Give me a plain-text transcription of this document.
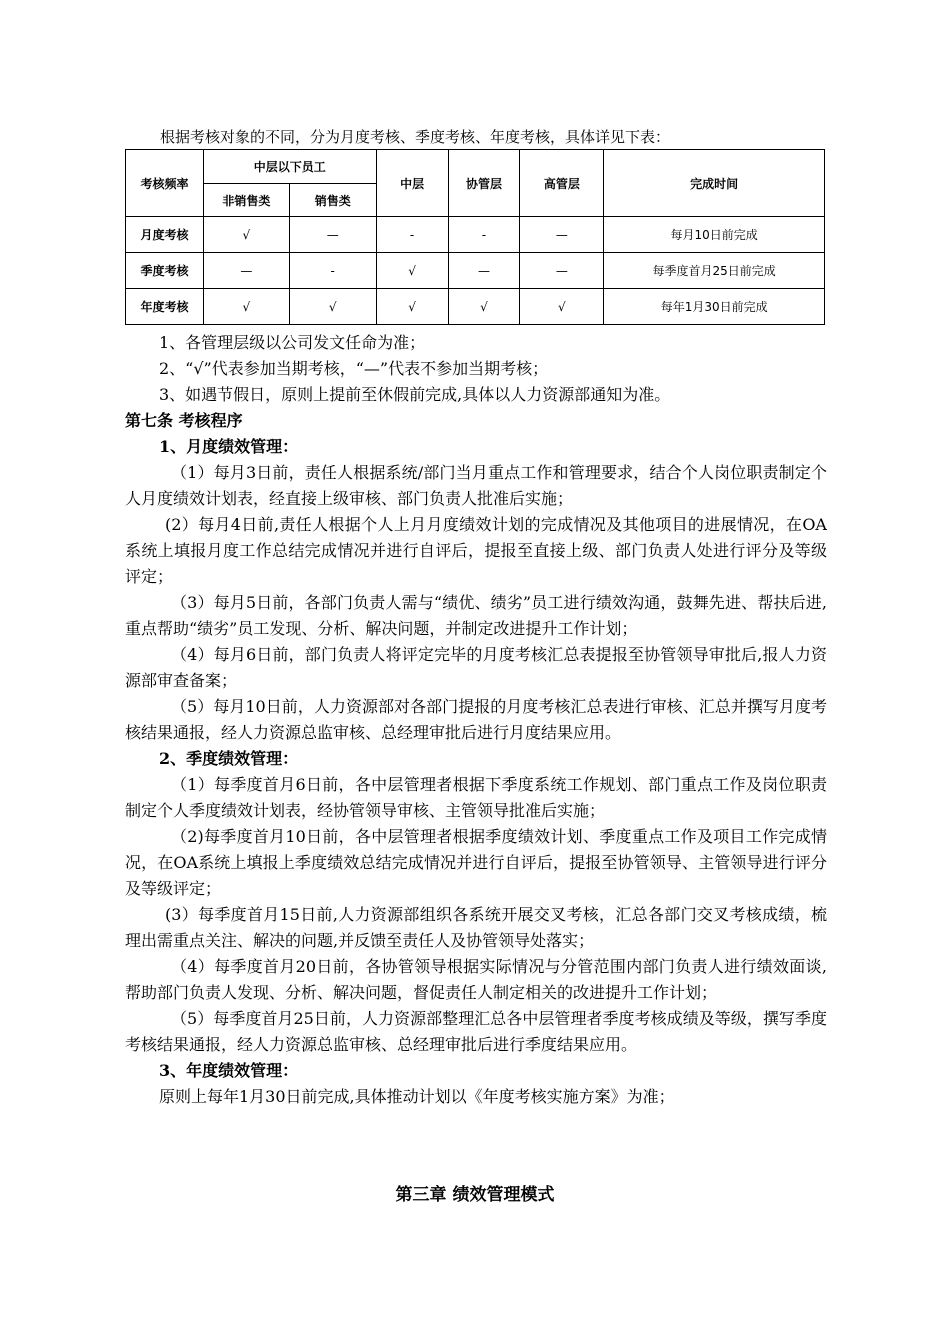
根据考核对象的不同，分为月度考核、季度考核、年度考核，具体详见下表：
考核频率	中层以下员工		中层	协管层	高管层	完成时间
	非销售类	销售类				
月度考核	√	—	-	-	—	每月10日前完成
季度考核	—	-	√	—	—	每季度首月25日前完成
年度考核	√	√	√	√	√	每年1月30日前完成

1、各管理层级以公司发文任命为准；

2、“√”代表参加当期考核，“—”代表不参加当期考核；

3、如遇节假日，原则上提前至休假前完成,具体以人力资源部通知为准。

第七条 考核程序

1、月度绩效管理：

（1）每月3日前，责任人根据系统/部门当月重点工作和管理要求，结合个人岗位职责制定个人月度绩效计划表，经直接上级审核、部门负责人批准后实施；

(2）每月4日前,责任人根据个人上月月度绩效计划的完成情况及其他项目的进展情况，在OA系统上填报月度工作总结完成情况并进行自评后，提报至直接上级、部门负责人处进行评分及等级评定；

（3）每月5日前，各部门负责人需与“绩优、绩劣”员工进行绩效沟通，鼓舞先进、帮扶后进,重点帮助“绩劣”员工发现、分析、解决问题，并制定改进提升工作计划；

（4）每月6日前，部门负责人将评定完毕的月度考核汇总表提报至协管领导审批后,报人力资源部审查备案；

（5）每月10日前，人力资源部对各部门提报的月度考核汇总表进行审核、汇总并撰写月度考核结果通报，经人力资源总监审核、总经理审批后进行月度结果应用。

2、季度绩效管理：

（1）每季度首月6日前，各中层管理者根据下季度系统工作规划、部门重点工作及岗位职责制定个人季度绩效计划表，经协管领导审核、主管领导批准后实施；

（2)每季度首月10日前，各中层管理者根据季度绩效计划、季度重点工作及项目工作完成情况，在OA系统上填报上季度绩效总结完成情况并进行自评后，提报至协管领导、主管领导进行评分及等级评定；

(3）每季度首月15日前,人力资源部组织各系统开展交叉考核，汇总各部门交叉考核成绩，梳理出需重点关注、解决的问题,并反馈至责任人及协管领导处落实；

（4）每季度首月20日前，各协管领导根据实际情况与分管范围内部门负责人进行绩效面谈,帮助部门负责人发现、分析、解决问题，督促责任人制定相关的改进提升工作计划；

（5）每季度首月25日前，人力资源部整理汇总各中层管理者季度考核成绩及等级，撰写季度考核结果通报，经人力资源总监审核、总经理审批后进行季度结果应用。

3、年度绩效管理：

原则上每年1月30日前完成,具体推动计划以《年度考核实施方案》为准；

第三章 绩效管理模式
